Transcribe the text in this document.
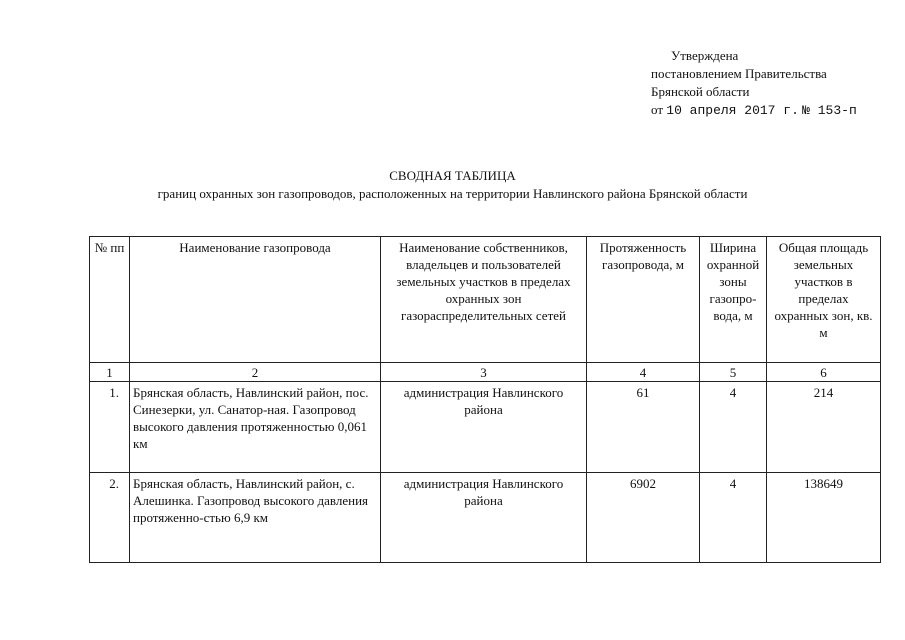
Утверждена
постановлением Правительства
Брянской области
от 10 апреля 2017 г. № 153-п
СВОДНАЯ ТАБЛИЦА
границ охранных зон газопроводов, расположенных на территории Навлинского района Брянской области
№ пп	Наименование газопровода	Наименование собственников, владельцев и пользователей земельных участков в пределах охранных зон газораспределительных сетей	Протяженность газопровода, м	Ширина охранной зоны газопро-вода, м	Общая площадь земельных участков в пределах охранных зон, кв. м
1	2	3	4	5	6
1.	Брянская область, Навлинский район, пос. Синезерки, ул. Санатор-ная. Газопровод высокого давления протяженностью 0,061 км	администрация Навлинского района	61	4	214
2.	Брянская область, Навлинский район, с. Алешинка. Газопровод высокого давления протяженно-стью 6,9 км	администрация Навлинского района	6902	4	138649
